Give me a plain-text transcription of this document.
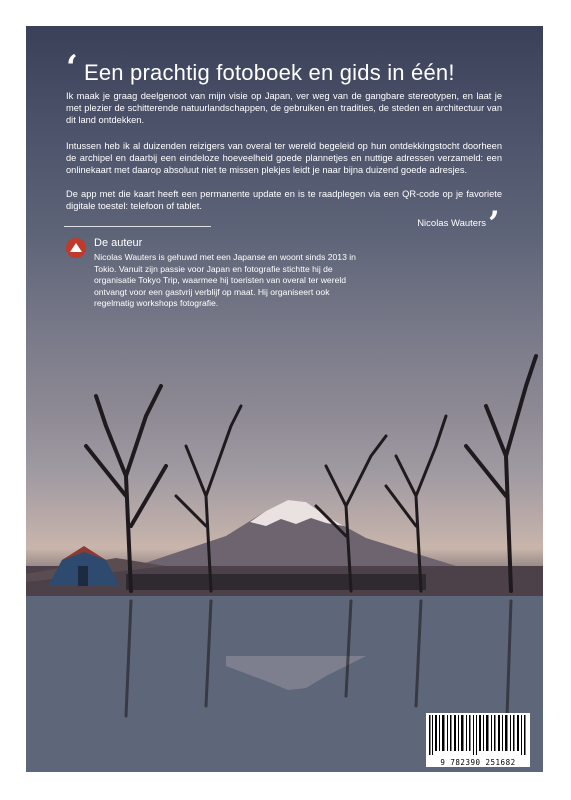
‘ Een prachtig fotoboek en gids in één!

Ik maak je graag deelgenoot van mijn visie op Japan, ver weg van de gangbare stereotypen, en laat je met plezier de schitterende natuurlandschappen, de gebruiken en tradities, de steden en architectuur van dit land ontdekken.

Intussen heb ik al duizenden reizigers van overal ter wereld begeleid op hun ontdekkingstocht doorheen de archipel en daarbij een eindeloze hoeveelheid goede plannetjes en nuttige adressen verzameld: een onlinekaart met daarop absoluut niet te missen plekjes leidt je naar bijna duizend goede adresjes.

De app met die kaart heeft een permanente update en is te raadplegen via een QR-code op je favoriete digitale toestel: telefoon of tablet.

Nicolas Wauters ’
De auteur

Nicolas Wauters is gehuwd met een Japanse en woont sinds 2013 in Tokio. Vanuit zijn passie voor Japan en fotografie stichtte hij de organisatie Tokyo Trip, waarmee hij toeristen van overal ter wereld ontvangt voor een gastvrij verblijf op maat. Hij organiseert ook regelmatig workshops fotografie.

9 782390 251682
